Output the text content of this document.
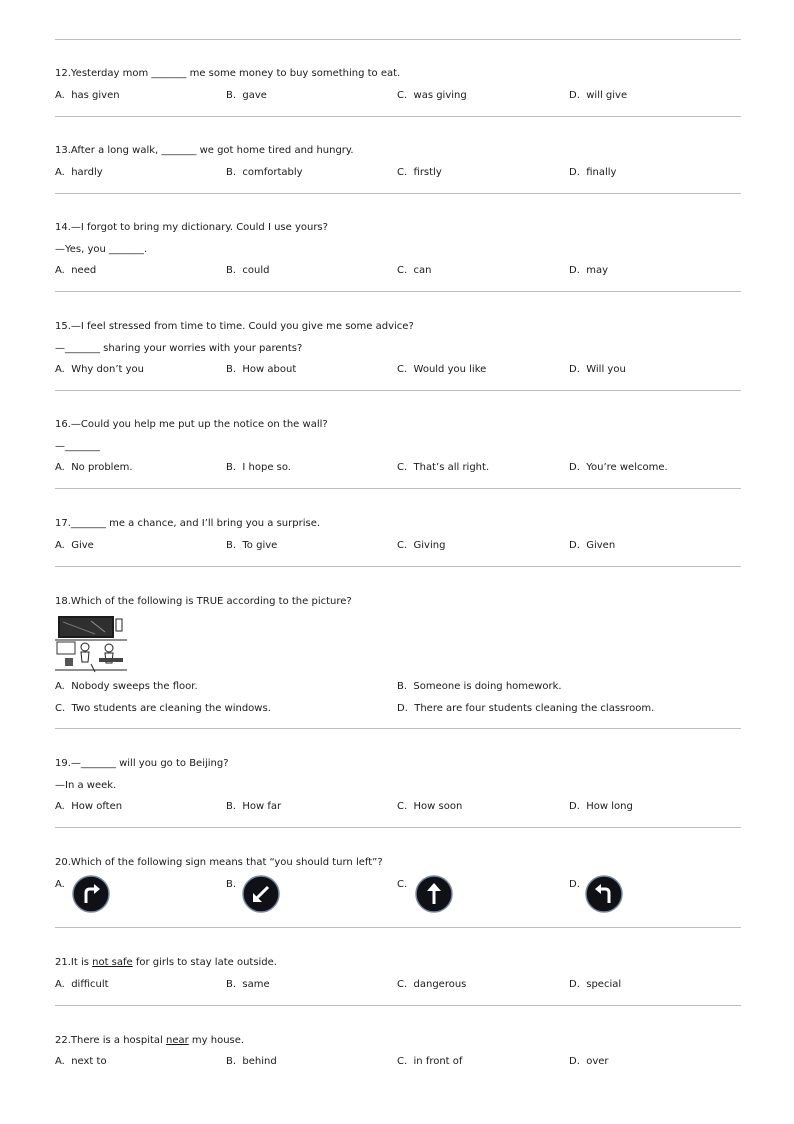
12.Yesterday mom _______ me some money to buy something to eat.
A.  has given	B.  gave	C.  was giving	D.  will give
13.After a long walk, _______ we got home tired and hungry.
A.  hardly	B.  comfortably	C.  firstly	D.  finally
14.—I forgot to bring my dictionary. Could I use yours?
—Yes, you _______.
A.  need	B.  could	C.  can	D.  may
15.—I feel stressed from time to time. Could you give me some advice?
—_______ sharing your worries with your parents?
A.  Why don’t you	B.  How about	C.  Would you like	D.  Will you
16.—Could you help me put up the notice on the wall?
—_______
A.  No problem.	B.  I hope so.	C.  That’s all right.	D.  You’re welcome.
17._______ me a chance, and I’ll bring you a surprise.
A.  Give	B.  To give	C.  Giving	D.  Given
18.Which of the following is TRUE according to the picture?
A.  Nobody sweeps the floor.	B.  Someone is doing homework.
C.  Two students are cleaning the windows.	D.  There are four students cleaning the classroom.
19.—_______ will you go to Beijing?
—In a week.
A.  How often	B.  How far	C.  How soon	D.  How long
20.Which of the following sign means that “you should turn left”?
A.	B.	C.	D.
21.It is not safe for girls to stay late outside.
A.  difficult	B.  same	C.  dangerous	D.  special
22.There is a hospital near my house.
A.  next to	B.  behind	C.  in front of	D.  over
